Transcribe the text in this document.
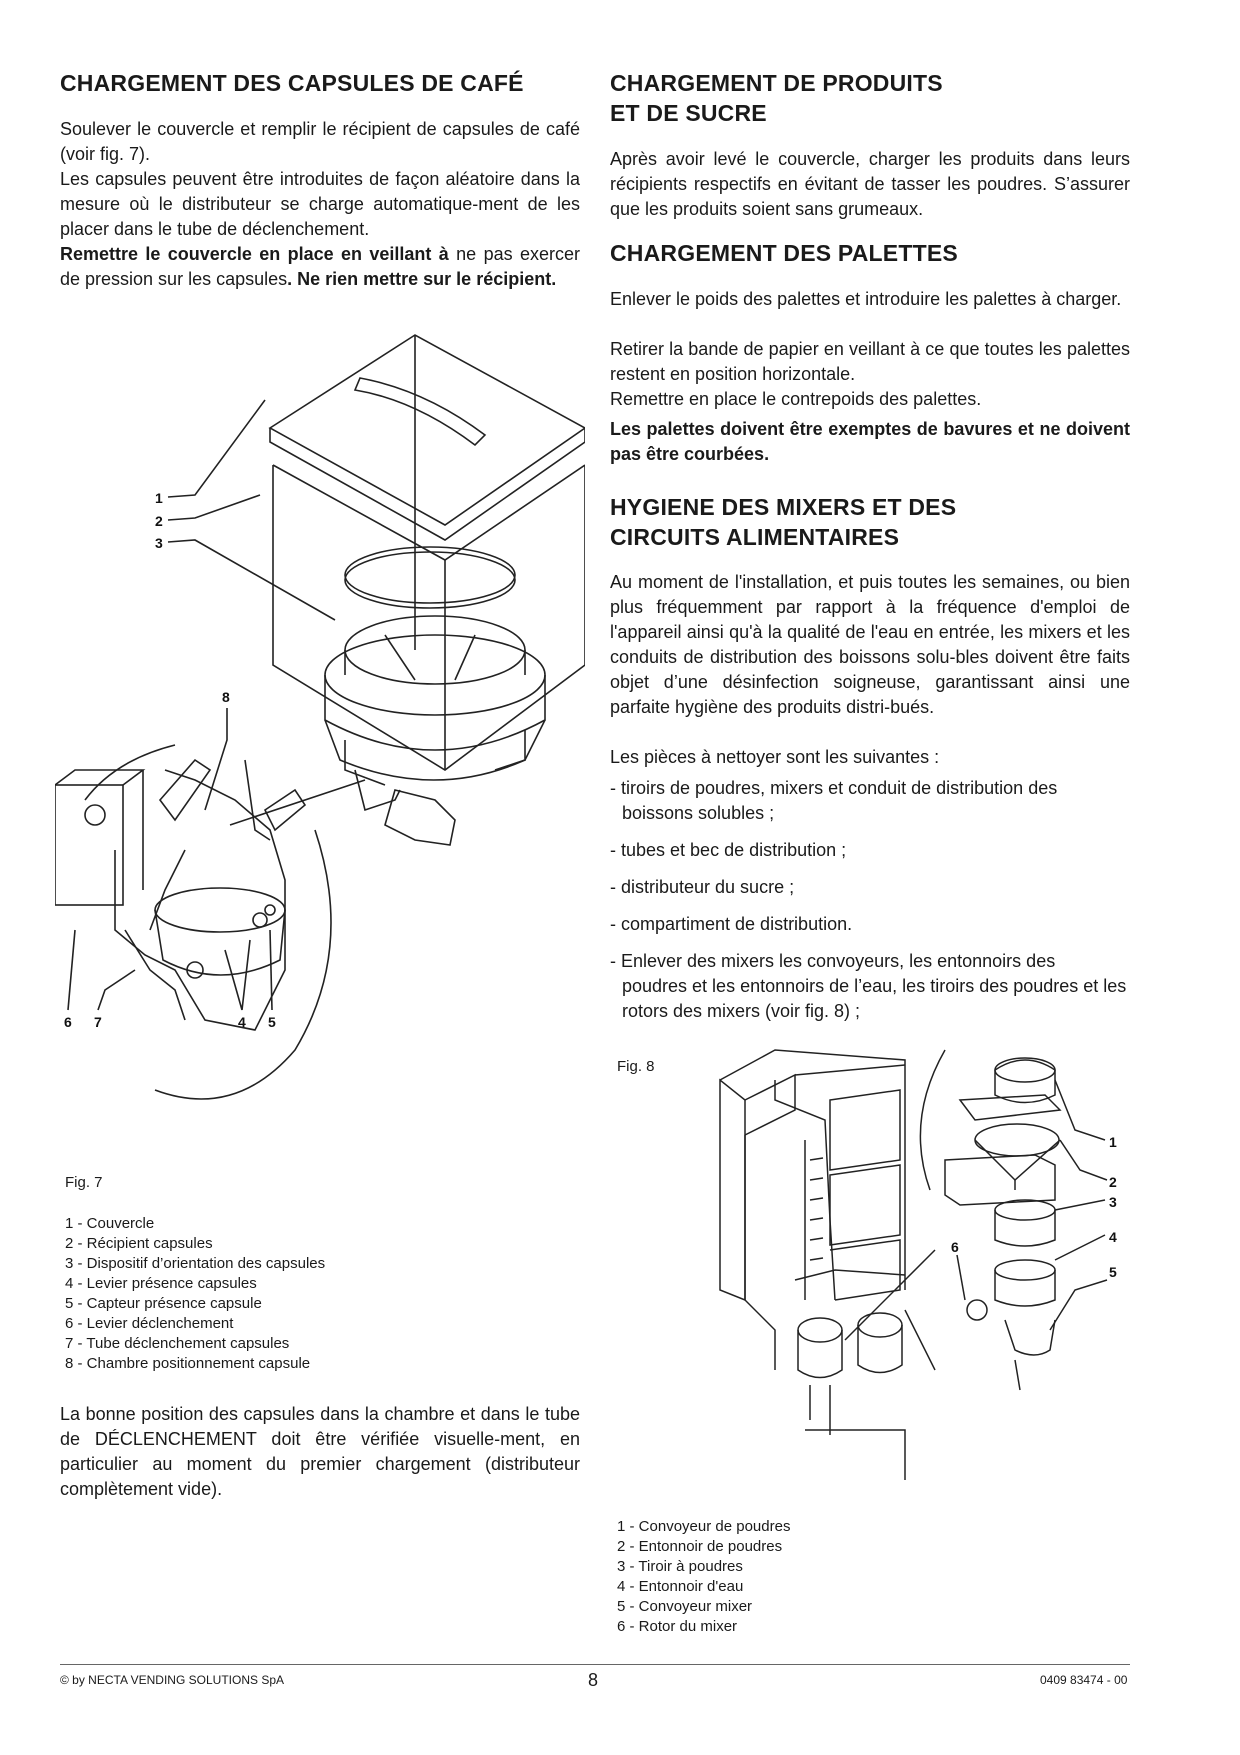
CHARGEMENT DES CAPSULES DE CAFÉ

Soulever le couvercle et remplir le récipient de capsules de café (voir fig. 7).

Les capsules peuvent être introduites de façon aléatoire dans la mesure où le distributeur se charge automatique-ment de les placer dans le tube de déclenchement.

Remettre le couvercle en place en veillant à ne pas exercer de pression sur les capsules. Ne rien mettre sur le récipient.

1
2
3
8
6 7	4 5
Fig. 7
1 - Couvercle
2 - Récipient capsules
3 - Dispositif d’orientation des capsules
4 - Levier présence capsules
5 - Capteur présence capsule
6 - Levier déclenchement
7 - Tube déclenchement capsules
8 - Chambre positionnement capsule

La bonne position des capsules dans la chambre et dans le tube de DÉCLENCHEMENT doit être vérifiée visuelle-ment, en particulier au moment du premier chargement (distributeur complètement vide).

CHARGEMENT DE PRODUITS
ET DE SUCRE

Après avoir levé le couvercle, charger les produits dans leurs récipients respectifs en évitant de tasser les poudres. S’assurer que les produits soient sans grumeaux.

CHARGEMENT DES PALETTES

Enlever le poids des palettes et introduire les palettes à charger.

Retirer la bande de papier en veillant à ce que toutes les palettes restent en position horizontale.

Remettre en place le contrepoids des palettes.

Les palettes doivent être exemptes de bavures et ne doivent pas être courbées.

HYGIENE DES MIXERS ET DES
CIRCUITS ALIMENTAIRES

Au moment de l'installation, et puis toutes les semaines, ou bien plus fréquemment par rapport à la fréquence d'emploi de l'appareil ainsi qu'à la qualité de l'eau en entrée, les mixers et les conduits de distribution des boissons solu-bles doivent être faits objet d’une désinfection soigneuse, garantissant ainsi une parfaite hygiène des produits distri-bués.

Les pièces à nettoyer sont les suivantes :

- tiroirs de poudres, mixers et conduit de distribution des
boissons solubles ;
- tubes et bec de distribution ;
- distributeur du sucre ;
- compartiment de distribution.
- Enlever des mixers les convoyeurs, les entonnoirs des
poudres et les entonnoirs de l’eau, les tiroirs des poudres et les rotors des mixers (voir fig. 8) ;
Fig. 8
1
2
3
4
5
6
1 - Convoyeur de poudres
2 - Entonnoir de poudres
3 - Tiroir à poudres
4 - Entonnoir d'eau
5 - Convoyeur mixer
6 - Rotor du mixer
© by NECTA VENDING SOLUTIONS SpA	8	0409 83474 - 00
